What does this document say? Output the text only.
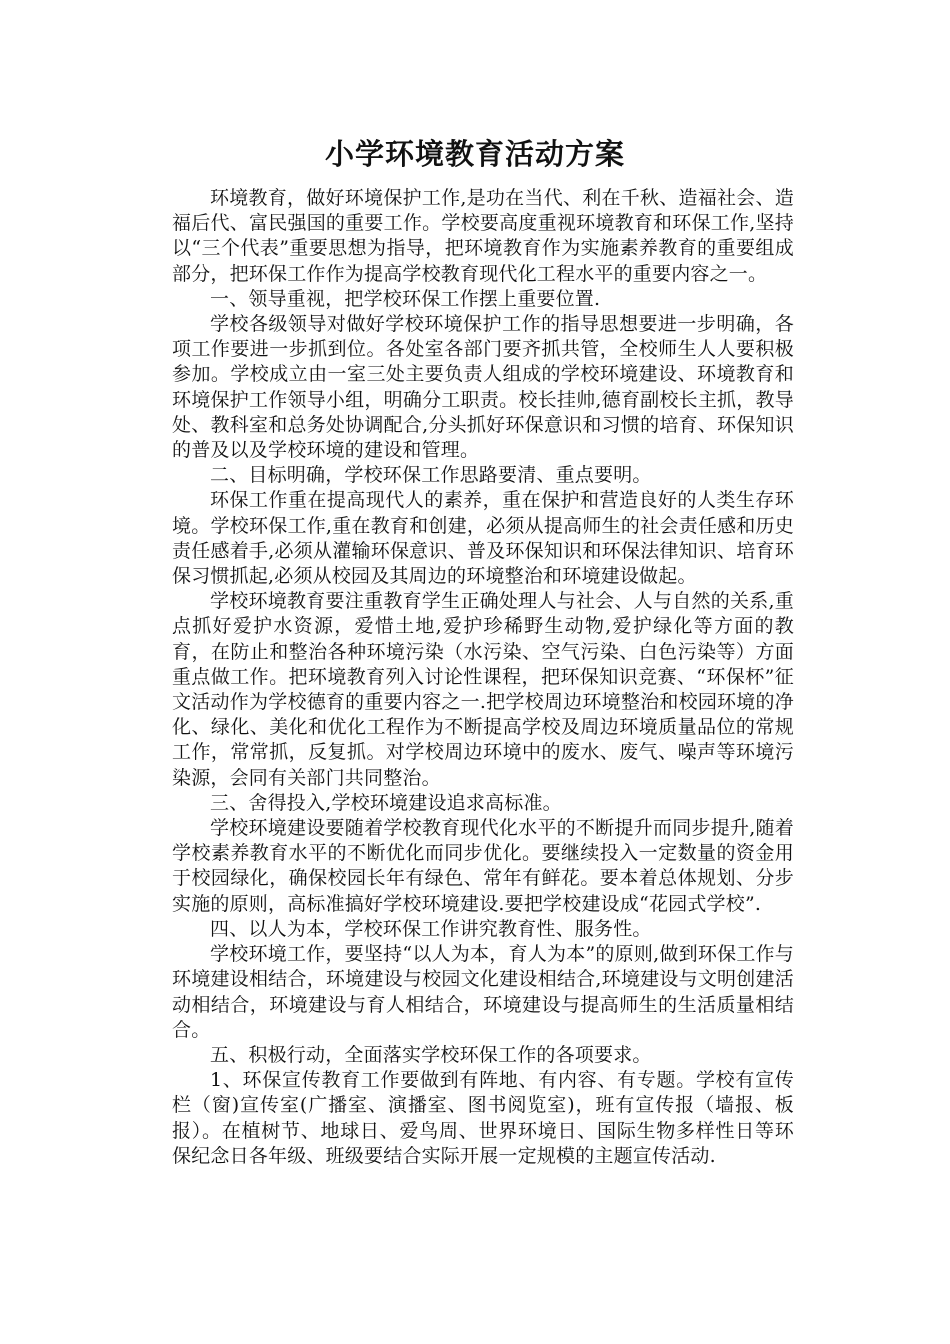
小学环境教育活动方案

环境教育，做好环境保护工作,是功在当代、利在千秋、造福社会、造福后代、富民强国的重要工作。学校要高度重视环境教育和环保工作,坚持以“三个代表”重要思想为指导，把环境教育作为实施素养教育的重要组成部分，把环保工作作为提高学校教育现代化工程水平的重要内容之一。

一、领导重视，把学校环保工作摆上重要位置.

学校各级领导对做好学校环境保护工作的指导思想要进一步明确，各项工作要进一步抓到位。各处室各部门要齐抓共管，全校师生人人要积极参加。学校成立由一室三处主要负责人组成的学校环境建设、环境教育和环境保护工作领导小组，明确分工职责。校长挂帅,德育副校长主抓，教导处、教科室和总务处协调配合,分头抓好环保意识和习惯的培育、环保知识的普及以及学校环境的建设和管理。

二、目标明确，学校环保工作思路要清、重点要明。

环保工作重在提高现代人的素养，重在保护和营造良好的人类生存环境。学校环保工作,重在教育和创建，必须从提高师生的社会责任感和历史责任感着手,必须从灌输环保意识、普及环保知识和环保法律知识、培育环保习惯抓起,必须从校园及其周边的环境整治和环境建设做起。

学校环境教育要注重教育学生正确处理人与社会、人与自然的关系,重点抓好爱护水资源，爱惜土地,爱护珍稀野生动物,爱护绿化等方面的教育，在防止和整治各种环境污染（水污染、空气污染、白色污染等）方面重点做工作。把环境教育列入讨论性课程，把环保知识竞赛、“环保杯”征文活动作为学校德育的重要内容之一.把学校周边环境整治和校园环境的净化、绿化、美化和优化工程作为不断提高学校及周边环境质量品位的常规工作，常常抓，反复抓。对学校周边环境中的废水、废气、噪声等环境污染源，会同有关部门共同整治。

三、舍得投入,学校环境建设追求高标准。

学校环境建设要随着学校教育现代化水平的不断提升而同步提升,随着学校素养教育水平的不断优化而同步优化。要继续投入一定数量的资金用于校园绿化，确保校园长年有绿色、常年有鲜花。要本着总体规划、分步实施的原则，高标准搞好学校环境建设.要把学校建设成“花园式学校”.

四、以人为本，学校环保工作讲究教育性、服务性。

学校环境工作，要坚持“以人为本，育人为本”的原则,做到环保工作与环境建设相结合，环境建设与校园文化建设相结合,环境建设与文明创建活动相结合，环境建设与育人相结合，环境建设与提高师生的生活质量相结合。

五、积极行动，全面落实学校环保工作的各项要求。

1、环保宣传教育工作要做到有阵地、有内容、有专题。学校有宣传栏（窗)宣传室(广播室、演播室、图书阅览室)，班有宣传报（墙报、板报）。在植树节、地球日、爱鸟周、世界环境日、国际生物多样性日等环保纪念日各年级、班级要结合实际开展一定规模的主题宣传活动.
